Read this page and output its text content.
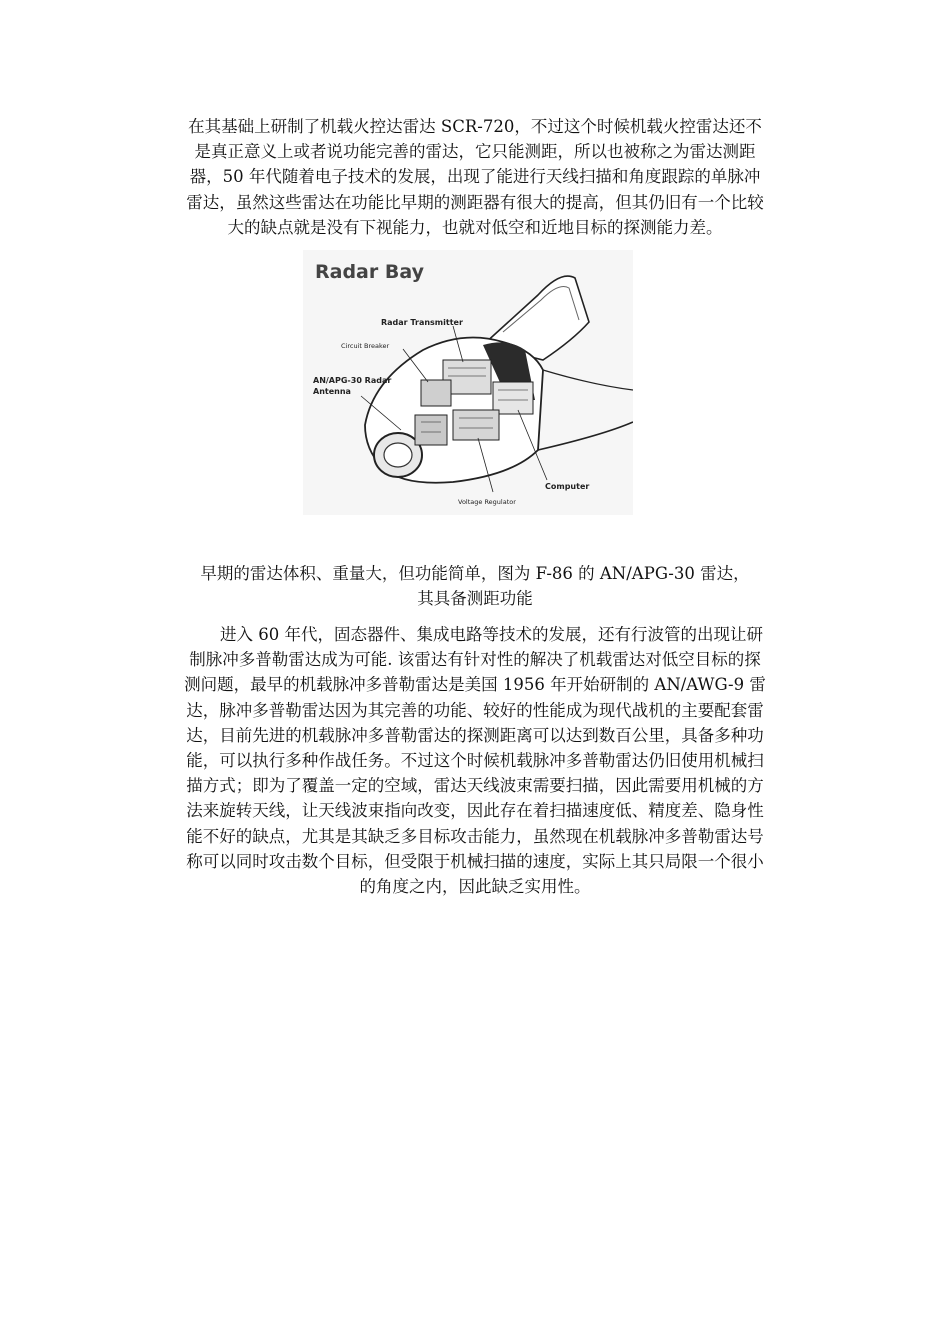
在其基础上研制了机载火控达雷达 SCR-720，不过这个时候机载火控雷达还不
是真正意义上或者说功能完善的雷达，它只能测距，所以也被称之为雷达测距
器，50 年代随着电子技术的发展，出现了能进行天线扫描和角度跟踪的单脉冲
雷达，虽然这些雷达在功能比早期的测距器有很大的提高，但其仍旧有一个比较
大的缺点就是没有下视能力，也就对低空和近地目标的探测能力差。
Radar Bay
Radar Transmitter
Circuit Breaker
AN/APG-30 Radar
Antenna
Computer
Voltage Regulator
早期的雷达体积、重量大，但功能简单，图为 F-86 的 AN/APG-30 雷达，
其具备测距功能
进入 60 年代，固态器件、集成电路等技术的发展，还有行波管的出现让研
制脉冲多普勒雷达成为可能. 该雷达有针对性的解决了机载雷达对低空目标的探
测问题，最早的机载脉冲多普勒雷达是美国 1956 年开始研制的 AN/AWG-9 雷
达，脉冲多普勒雷达因为其完善的功能、较好的性能成为现代战机的主要配套雷
达，目前先进的机载脉冲多普勒雷达的探测距离可以达到数百公里，具备多种功
能，可以执行多种作战任务。不过这个时候机载脉冲多普勒雷达仍旧使用机械扫
描方式；即为了覆盖一定的空域，雷达天线波束需要扫描，因此需要用机械的方
法来旋转天线，让天线波束指向改变，因此存在着扫描速度低、精度差、隐身性
能不好的缺点，尤其是其缺乏多目标攻击能力，虽然现在机载脉冲多普勒雷达号
称可以同时攻击数个目标，但受限于机械扫描的速度，实际上其只局限一个很小
的角度之内，因此缺乏实用性。
